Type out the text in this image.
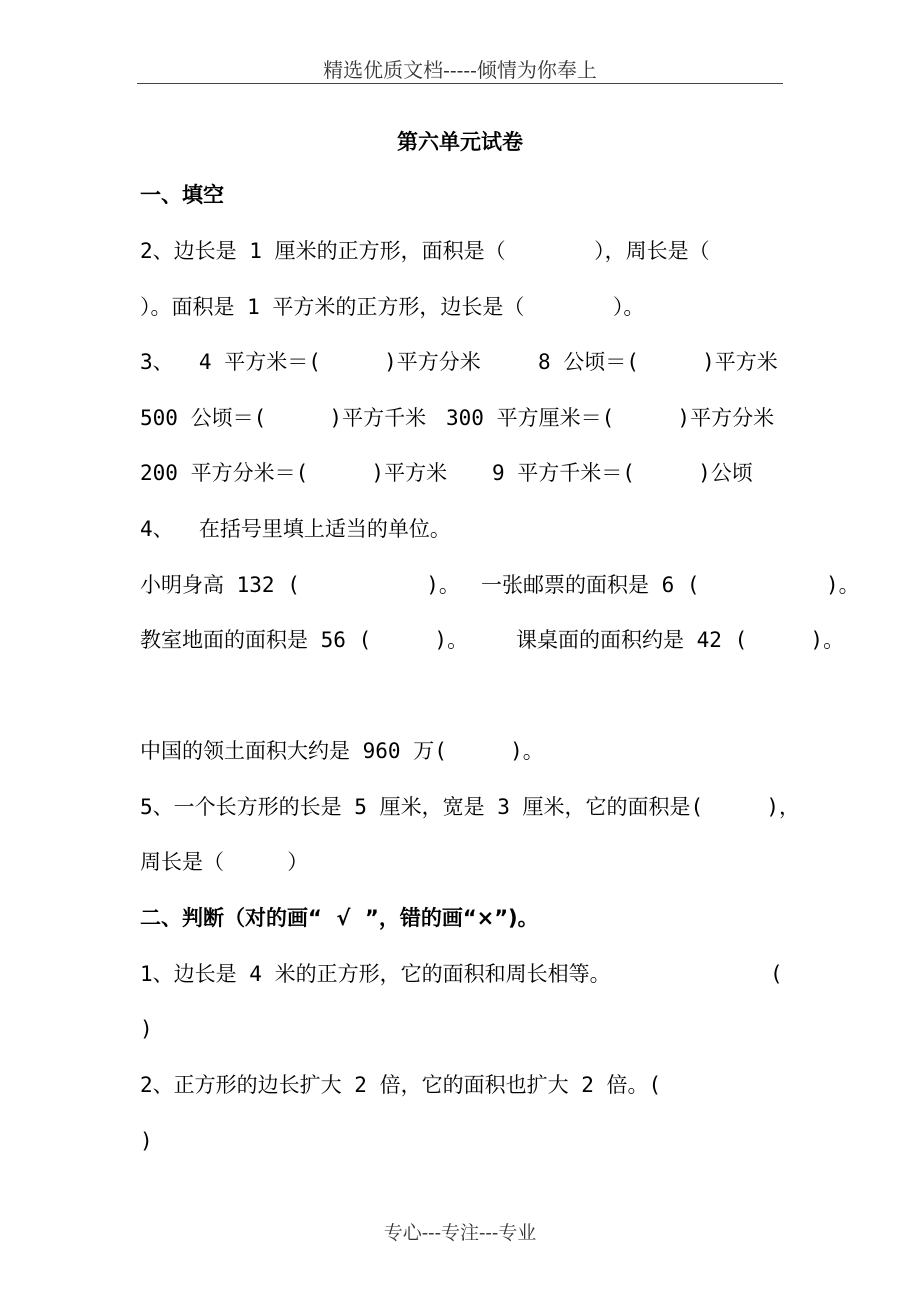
精选优质文档-----倾情为你奉上
第六单元试卷
一、填空
2、边长是 1 厘米的正方形，面积是（       ），周长是（
）。面积是 1 平方米的正方形，边长是（       ）。
3、  4 平方米＝(     )平方分米	8 公顷＝(     )平方米
500 公顷＝(     )平方千米 300 平方厘米＝(     )平方分米
200 平方分米＝(     )平方米 9 平方千米＝(     )公顷
4、  在括号里填上适当的单位。
小明身高 132 (          )。 一张邮票的面积是 6 (          )。
教室地面的面积是 56 (     )。 课桌面的面积约是 42 (     )。
中国的领土面积大约是 960 万(     )。
5、一个长方形的长是 5 厘米，宽是 3 厘米，它的面积是(     )，
周长是（     ）
二、判断（对的画“  √  ”，错的画“×”)。
1、边长是 4 米的正方形，它的面积和周长相等。	(
)
2、正方形的边长扩大 2 倍，它的面积也扩大 2 倍。(
)
专心---专注---专业
